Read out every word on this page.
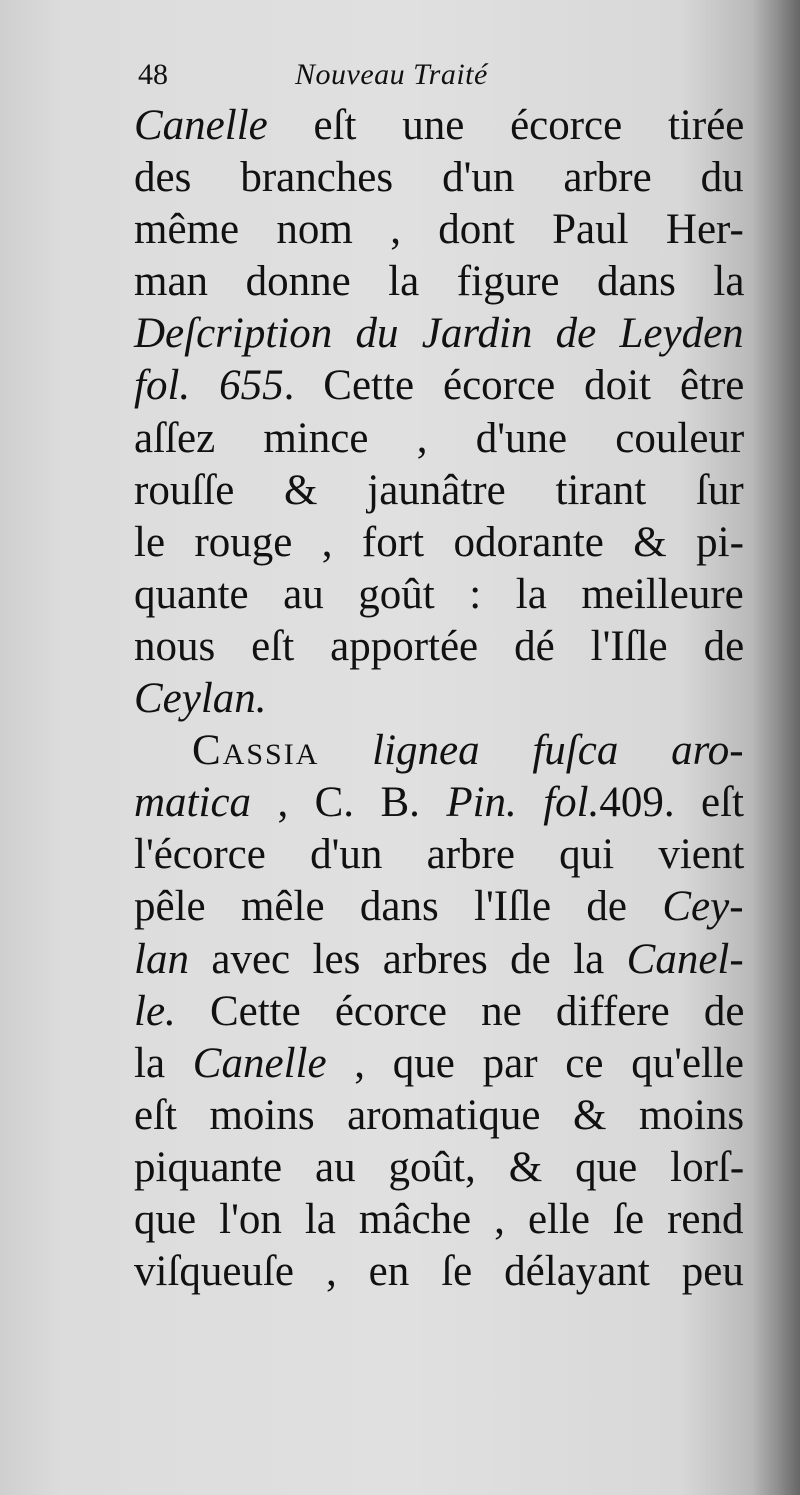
48	Nouveau Traité
Canelle eſt une écorce tirée
des branches d'un arbre du
même nom , dont Paul Her-
man donne la figure dans la
Deſcription du Jardin de Leyden
fol. 655. Cette écorce doit être
aſſez mince , d'une couleur
rouſſe & jaunâtre tirant ſur
le rouge , fort odorante & pi-
quante au goût : la meilleure
nous eſt apportée dé l'Iſle de
Ceylan.
Cassia lignea fuſca aro-
matica , C. B. Pin. fol.409. eſt
l'écorce d'un arbre qui vient
pêle mêle dans l'Iſle de Cey-
lan avec les arbres de la Canel-
le. Cette écorce ne differe de
la Canelle , que par ce qu'elle
eſt moins aromatique & moins
piquante au goût, & que lorſ-
que l'on la mâche , elle ſe rend
viſqueuſe , en ſe délayant peu
